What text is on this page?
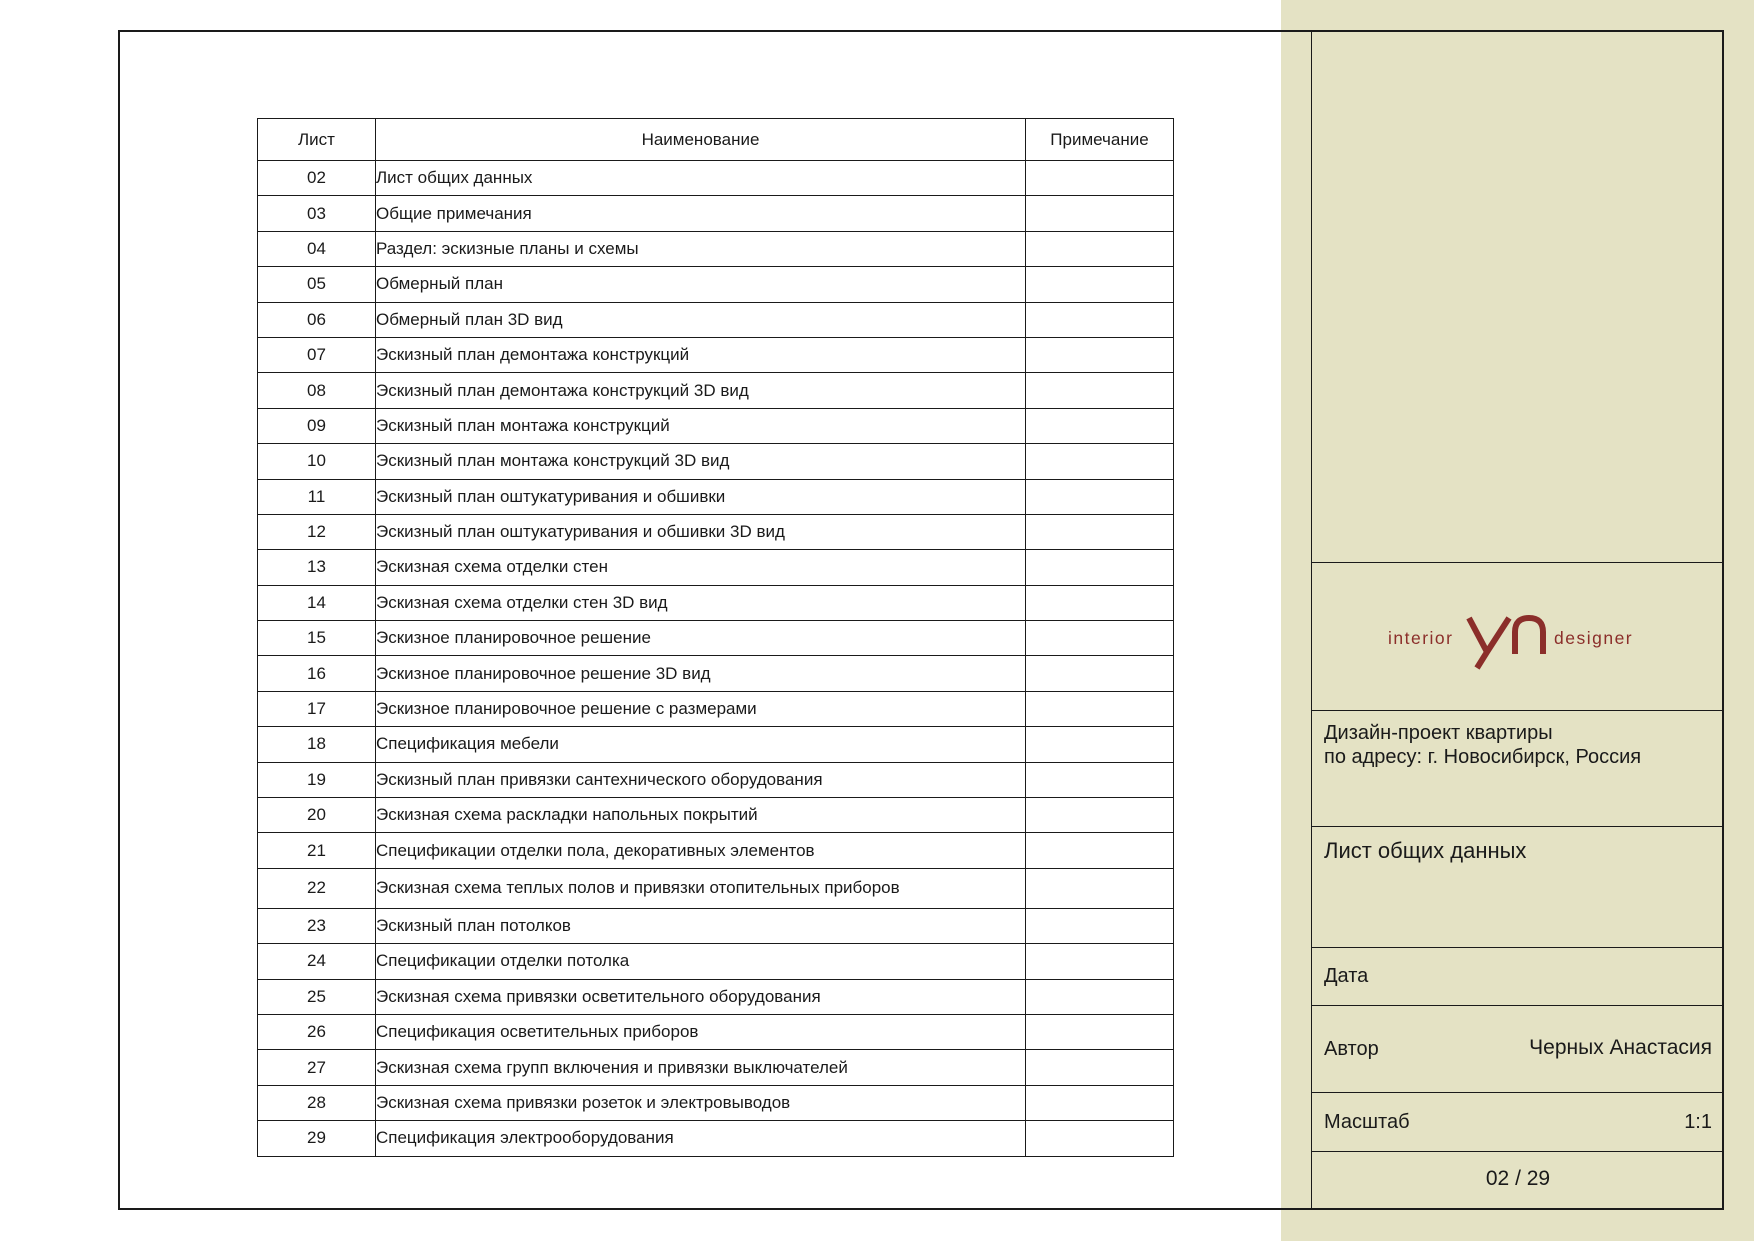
Лист	Наименование	Примечание
02	Лист общих данных	
03	Общие примечания	
04	Раздел: эскизные планы и схемы	
05	Обмерный план	
06	Обмерный план 3D вид	
07	Эскизный план демонтажа конструкций	
08	Эскизный план демонтажа конструкций 3D вид	
09	Эскизный план монтажа конструкций	
10	Эскизный план монтажа конструкций 3D вид	
11	Эскизный план оштукатуривания и обшивки	
12	Эскизный план оштукатуривания и обшивки 3D вид	
13	Эскизная схема отделки стен	
14	Эскизная схема отделки стен 3D вид	
15	Эскизное планировочное решение	
16	Эскизное планировочное решение 3D вид	
17	Эскизное планировочное решение с размерами	
18	Спецификация мебели	
19	Эскизный план привязки сантехнического оборудования	
20	Эскизная схема раскладки напольных покрытий	
21	Спецификации отделки пола, декоративных элементов	
22	Эскизная схема теплых полов и привязки отопительных приборов	
23	Эскизный план потолков	
24	Спецификации отделки потолка	
25	Эскизная схема привязки осветительного оборудования	
26	Спецификация осветительных приборов	
27	Эскизная схема групп включения и привязки выключателей	
28	Эскизная схема привязки розеток и электровыводов	
29	Спецификация электрооборудования	
Дизайн-проект квартиры
по адресу: г. Новосибирск, Россия
Лист общих данных
Дата
Автор	Черных Анастасия
Масштаб	1:1
02 / 29
interior	designer
